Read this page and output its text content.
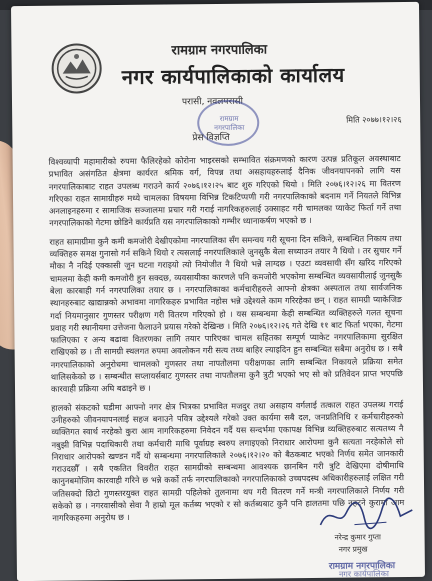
रामग्राम नगरपालिका
नगर कार्यपालिकाको कार्यालय
परासी, नवलपरासी
मिति २०७७।१२।२६
रामग्राम नगरपालिका
प्रेस विज्ञप्ति

विश्वव्यापी महामारीको रुपमा फैलिरहेको कोरोना भाइरसको सम्भावित संक्रमणको कारण उत्पन्न प्रतिकूल अवस्थाबाट प्रभावित असंगठित क्षेत्रमा कार्यरत श्रमिक वर्ग, विपन्न तथा असहायहरुलाई दैनिक जीवनयापनको लागि यस नगरपालिकाबाट राहत उपलब्ध गराउने कार्य २०७६।१२।२५ बाट शुरु गरिएको थियो । मिति २०७६।१२।२६ मा वितरण गरिएका राहत सामाग्रीहरु मध्ये चामलका विषयमा विभिन्न टिकटिप्पणी गरी नगरपालिकाको बदनाम गर्ने नियतले विभिन्न अनलाइनहरुमा र सामाजिक सञ्जालमा प्रचार गरी गराई नागरिकहरुलाई उक्साहट गरी चामलका प्याकेट फिर्ता गर्ने तथा नगरपालिकाको गेटमा छोडिने कार्यप्रति यस नगरपालिकाको गम्भीर ध्यानाकर्षण भएको छ ।

राहत सामाग्रीमा कुनै कमी कमजोरी देखीएकोमा नगरपालिका सँग समन्वय गरी सूचना दिन सकिने, सम्बन्धित निकाय तथा व्यक्तिहरु समक्ष गुनासो गर्न सकिने थियो र त्यसलाई नगरपालिकाले जुनसुकै बेला सच्याउन तयार नै थियो । तर सुचार गर्ने मौका नै नदिई एक्कासी जुन घटना गराइयो त्यो नियोजीत नै थियो भन्ने लाग्दछ । एउटा व्यवसायी सँग खरिद गरिएको चामलमा केही कमी कमजोरी हुन सक्दछ, व्यवसायीका कारणले पनि कमजोरी भएकोमा सम्बन्धित व्यवसायीलाई जुनसुकै बेला कारबाही गर्न नगरपालिका तयार छ । नगरपालिकाका कर्मचारीहरुले आफ्नो क्षेत्रका अस्पताल तथा सार्वजनिक स्थानहरुबाट खाद्यान्नको अभावमा नागरिकहरु प्रभावित नहोस भन्ने उद्देश्यले काम गरिरहेका छन् । राहत सामग्री प्याकेजिङ गर्दा नियमानुसार गुणस्तर परीक्षण गरी वितरण गरिएको हो । यस सम्बन्धमा केही सम्बन्धित व्यक्तिहरुले गलत सूचना प्रवाह गरी स्थानीयमा उत्तेजना फैलाउने प्रयास गरेको देखिन्छ । मिति २०७६।१२।२६ गते देखि ११ बाट फिर्ता भएका, गेटमा फालिएका र अन्य बढावा वितरणका लागि तयार पारिएका चामल सहितका सम्पूर्ण प्याकेट नगरपालिकामा सुरक्षित राखिएको छ । ती सामग्री स्थलगत रुपमा अवलोकन गरी सत्य तथ्य बाहिर ल्याइदिन हुन सम्बन्धित सबैमा अनुरोध छ । सबै नगरपालिकाको अनुरोधमा चामलको गुणस्तर तथा नापतौलमा परीक्षणका लागि सम्बन्धित निकायले प्रक्रिया समेत थालिसकेको छ । सम्बन्धीत सप्लायर्सबाट गुणस्तर तथा नापतौलमा कुनै त्रुटी भएको भए सो को प्रतिवेदन प्राप्त भएपछि कारवाही प्रक्रिया अघि बढाइने छ ।

हालको संकटको घडीमा आफ्नो नगर क्षेत्र भित्रका प्रभावित मजदुर तथा असहाय वर्गलाई तत्काल राहत उपलब्ध गराई उनीहरुको जीवनयापनलाई सहज बनाउने पवित्र उद्देश्यले गरेको उक्त कार्यमा सबै दल, जनप्रतिनिधि र कर्मचारीहरुको व्यक्तिगत स्वार्थ नरहेको कुरा आम नागरिकहरुमा निवेदन गर्दै यस सन्दर्भमा एकापक्ष विभिन्न व्यक्तिहरुबाट सत्यतथ्य नै नबुझी विभिन्न पदाधिकारी तथा कर्मचारी माथि पूर्वाग्रह स्वरुप लगाइएको निराधार आरोपमा कुनै सत्यता नरहेकोले सो निराधार आरोपको खण्डन गर्दै यो सम्बन्धमा नगरपालिकाले २०७६।१२।२० को बैठकबाट भएको निर्णय समेत जानकारी गराउदछौँ । सबै एकतित विवरीत राहत सामग्रीको सम्बन्धमा आवश्यक छानबिन गरी त्रुटि देखिएमा दोषीमाथि कानुनबमोजिम कारवाही गरिने छ भन्ने कर्को तर्फ नगरपालिकाको नगरपालिकाको उच्चपदस्थ अधिकारीहरुलाई लक्षित गरी जतिसक्दो छिटो गुणस्तरयुक्त राहत सामग्री पहिलेको तुलनामा थप गरी वितरण गर्ने मन्त्री नगरपालिकाले निर्णय गरी सकेको छ । नगरवासीको सेवा नै हाम्रो मूल कर्तब्य भएको र सो कर्तब्यबाट कुनै पनि हालतमा पछि नहटने कुरामा आम नागरिकहरुमा अनुरोध छ ।

नरेन्द्र कुमार गुप्ता
नगर प्रमुख
रामग्राम नगरपालिका
नगर कार्यपालिका
